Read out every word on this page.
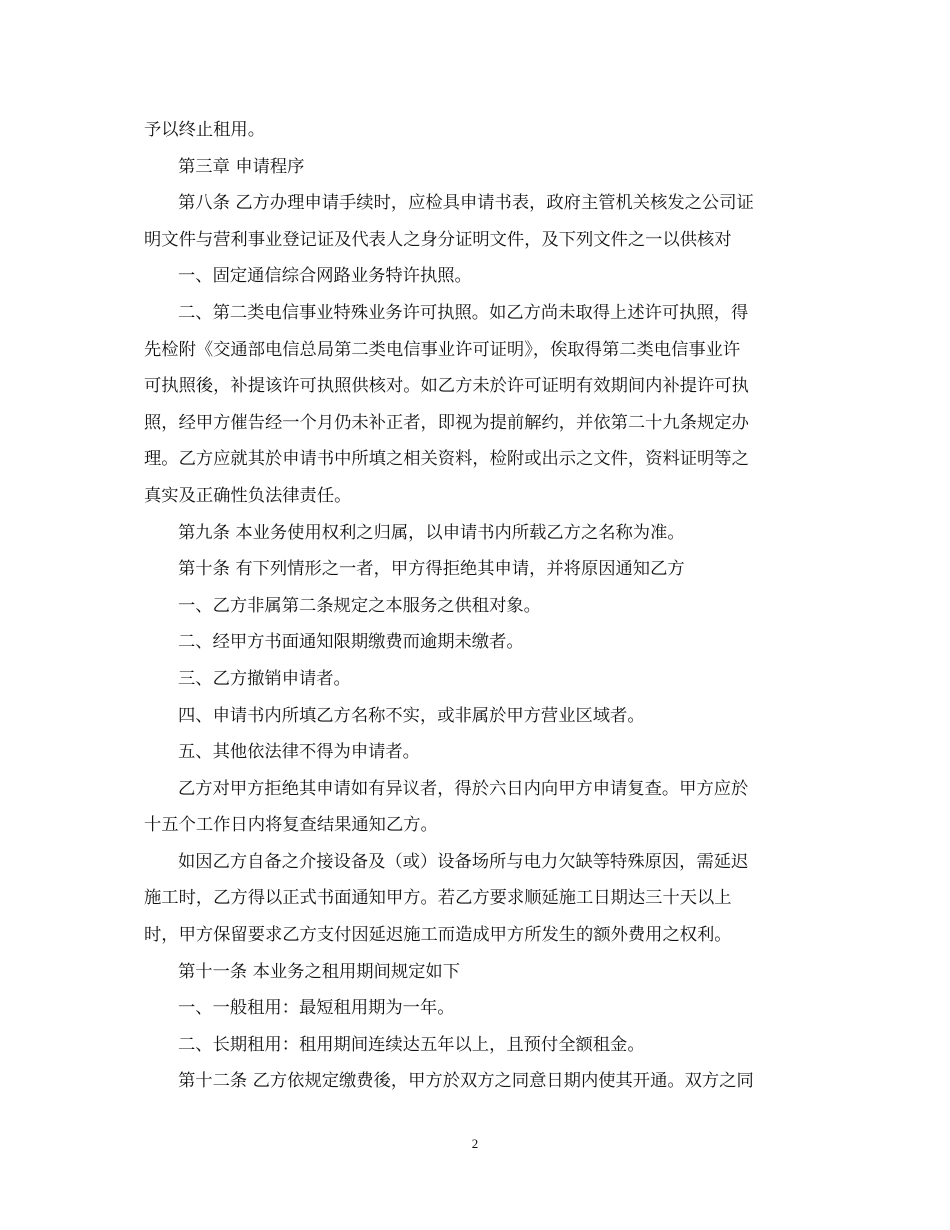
予以终止租用。
第三章 申请程序
第八条 乙方办理申请手续时，应检具申请书表，政府主管机关核发之公司证
明文件与营利事业登记证及代表人之身分证明文件，及下列文件之一以供核对
一、固定通信综合网路业务特许执照。
二、第二类电信事业特殊业务许可执照。如乙方尚未取得上述许可执照，得
先检附《交通部电信总局第二类电信事业许可证明》，俟取得第二类电信事业许
可执照後，补提该许可执照供核对。如乙方未於许可证明有效期间内补提许可执
照，经甲方催告经一个月仍未补正者，即视为提前解约，并依第二十九条规定办
理。乙方应就其於申请书中所填之相关资料，检附或出示之文件，资料证明等之
真实及正确性负法律责任。
第九条 本业务使用权利之归属，以申请书内所载乙方之名称为准。
第十条 有下列情形之一者，甲方得拒绝其申请，并将原因通知乙方
一、乙方非属第二条规定之本服务之供租对象。
二、经甲方书面通知限期缴费而逾期未缴者。
三、乙方撤销申请者。
四、申请书内所填乙方名称不实，或非属於甲方营业区域者。
五、其他依法律不得为申请者。
乙方对甲方拒绝其申请如有异议者，得於六日内向甲方申请复查。甲方应於
十五个工作日内将复查结果通知乙方。
如因乙方自备之介接设备及（或）设备场所与电力欠缺等特殊原因，需延迟
施工时，乙方得以正式书面通知甲方。若乙方要求顺延施工日期达三十天以上
时，甲方保留要求乙方支付因延迟施工而造成甲方所发生的额外费用之权利。
第十一条 本业务之租用期间规定如下
一、一般租用：最短租用期为一年。
二、长期租用：租用期间连续达五年以上，且预付全额租金。
第十二条 乙方依规定缴费後，甲方於双方之同意日期内使其开通。双方之同
2
